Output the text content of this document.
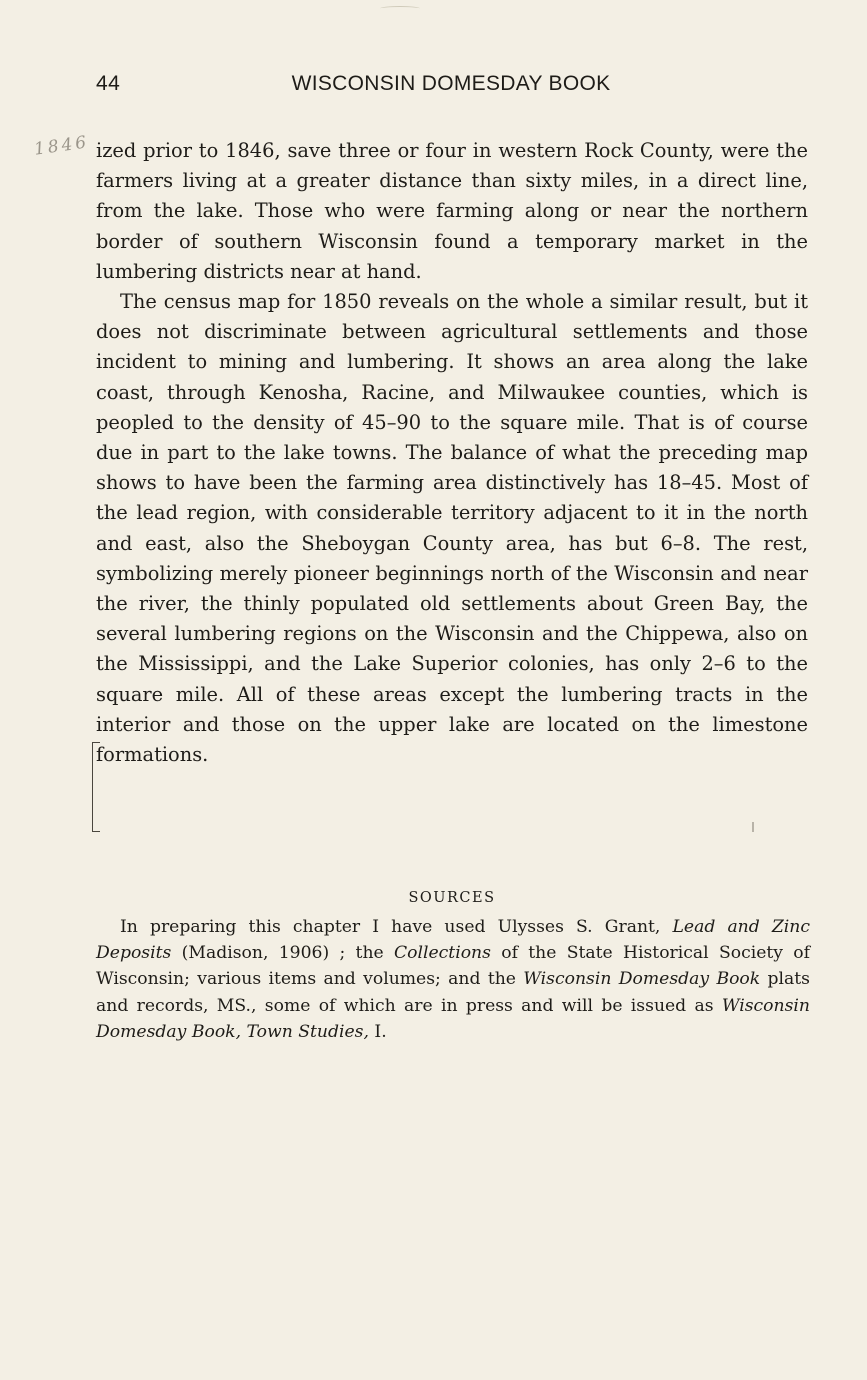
44	WISCONSIN DOMESDAY BOOK
1846 ized prior to 1846, save three or four in western Rock County, were the farmers living at a greater distance than sixty miles, in a direct line, from the lake. Those who were farming along or near the northern border of southern Wisconsin found a temporary market in the lumbering districts near at hand.

The census map for 1850 reveals on the whole a similar result, but it does not discriminate between agricultural settlements and those incident to mining and lumbering. It shows an area along the lake coast, through Kenosha, Racine, and Milwaukee counties, which is peopled to the density of 45–90 to the square mile. That is of course due in part to the lake towns. The balance of what the preceding map shows to have been the farming area distinctively has 18–45. Most of the lead region, with considerable territory adjacent to it in the north and east, also the Sheboygan County area, has but 6–8. The rest, symbolizing merely pioneer beginnings north of the Wisconsin and near the river, the thinly populated old settlements about Green Bay, the several lumbering regions on the Wisconsin and the Chippewa, also on the Mississippi, and the Lake Superior colonies, has only 2–6 to the square mile. All of these areas except the lumbering tracts in the interior and those on the upper lake are located on the limestone formations.

SOURCES

In preparing this chapter I have used Ulysses S. Grant, Lead and Zinc Deposits (Madison, 1906) ; the Collections of the State Historical Society of Wisconsin; various items and volumes; and the Wisconsin Domesday Book plats and records, MS., some of which are in press and will be issued as Wisconsin Domesday Book, Town Studies, I.
